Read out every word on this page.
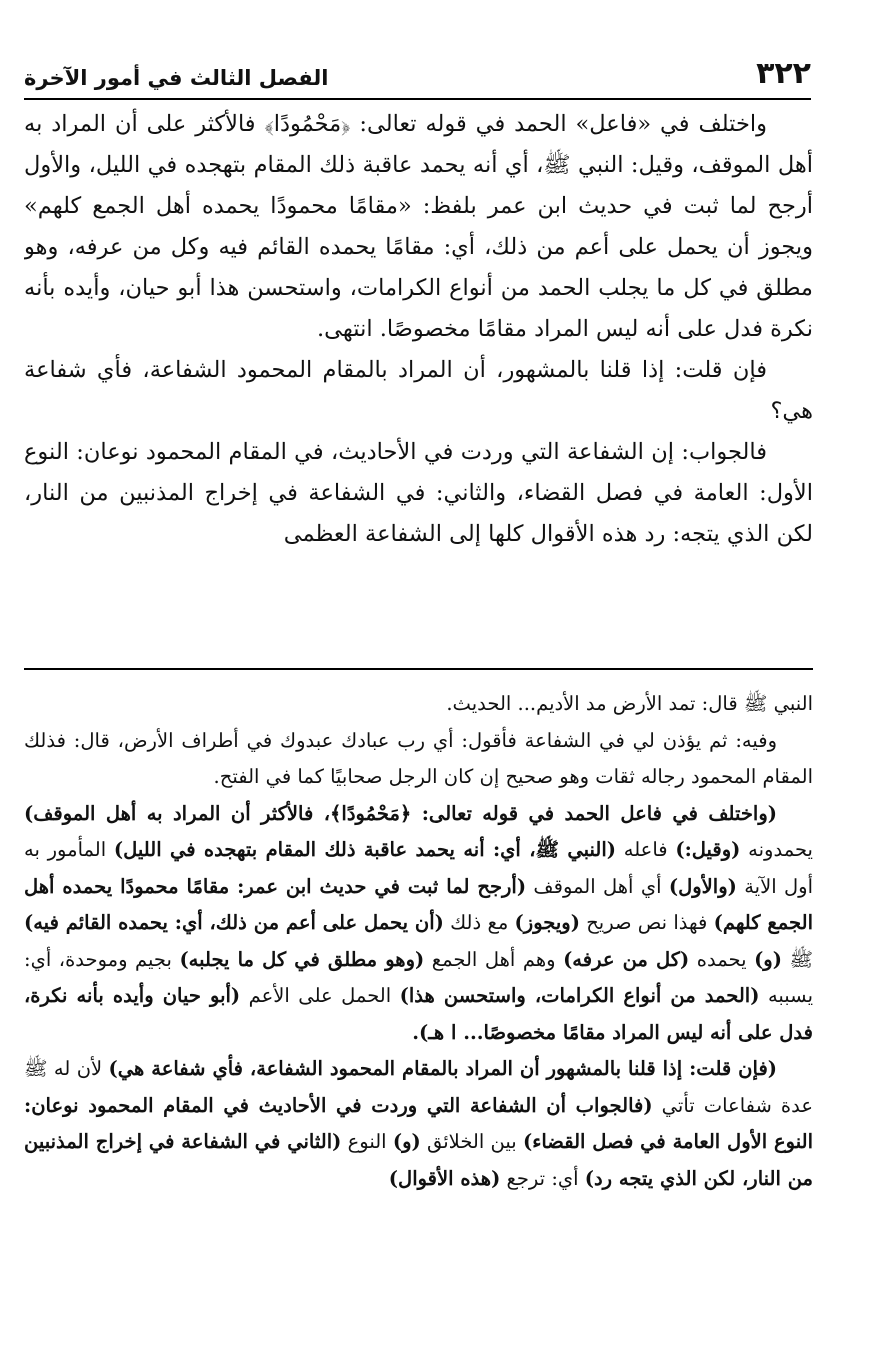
٣٢٢
الفصل الثالث في أمور الآخرة

واختلف في «فاعل» الحمد في قوله تعالى: ﴿مَحْمُودًا﴾ فالأكثر على أن المراد به أهل الموقف، وقيل: النبي ﷺ، أي أنه يحمد عاقبة ذلك المقام بتهجده في الليل، والأول أرجح لما ثبت في حديث ابن عمر بلفظ: «مقامًا محمودًا يحمده أهل الجمع كلهم» ويجوز أن يحمل على أعم من ذلك، أي: مقامًا يحمده القائم فيه وكل من عرفه، وهو مطلق في كل ما يجلب الحمد من أنواع الكرامات، واستحسن هذا أبو حيان، وأيده بأنه نكرة فدل على أنه ليس المراد مقامًا مخصوصًا. انتهى.

فإن قلت: إذا قلنا بالمشهور، أن المراد بالمقام المحمود الشفاعة، فأي شفاعة هي؟

فالجواب: إن الشفاعة التي وردت في الأحاديث، في المقام المحمود نوعان: النوع الأول: العامة في فصل القضاء، والثاني: في الشفاعة في إخراج المذنبين من النار، لكن الذي يتجه: رد هذه الأقوال كلها إلى الشفاعة العظمى

النبي ﷺ قال: تمد الأرض مد الأديم... الحديث.

وفيه: ثم يؤذن لي في الشفاعة فأقول: أي رب عبادك عبدوك في أطراف الأرض، قال: فذلك المقام المحمود رجاله ثقات وهو صحيح إن كان الرجل صحابيًا كما في الفتح.

(واختلف في فاعل الحمد في قوله تعالى: ﴿مَحْمُودًا﴾، فالأكثر أن المراد به أهل الموقف) يحمدونه (وقيل:) فاعله (النبي ﷺ، أي: أنه يحمد عاقبة ذلك المقام بتهجده في الليل) المأمور به أول الآية (والأول) أي أهل الموقف (أرجح لما ثبت في حديث ابن عمر: مقامًا محمودًا يحمده أهل الجمع كلهم) فهذا نص صريح (ويجوز) مع ذلك (أن يحمل على أعم من ذلك، أي: يحمده القائم فيه) ﷺ (و) يحمده (كل من عرفه) وهم أهل الجمع (وهو مطلق في كل ما يجلبه) بجيم وموحدة، أي: يسببه (الحمد من أنواع الكرامات، واستحسن هذا) الحمل على الأعم (أبو حيان وأيده بأنه نكرة، فدل على أنه ليس المراد مقامًا مخصوصًا... ا هـ).

(فإن قلت: إذا قلنا بالمشهور أن المراد بالمقام المحمود الشفاعة، فأي شفاعة هي) لأن له ﷺ عدة شفاعات تأتي (فالجواب أن الشفاعة التي وردت في الأحاديث في المقام المحمود نوعان: النوع الأول العامة في فصل القضاء) بين الخلائق (و) النوع (الثاني في الشفاعة في إخراج المذنبين من النار، لكن الذي يتجه رد) أي: ترجع (هذه الأقوال)
